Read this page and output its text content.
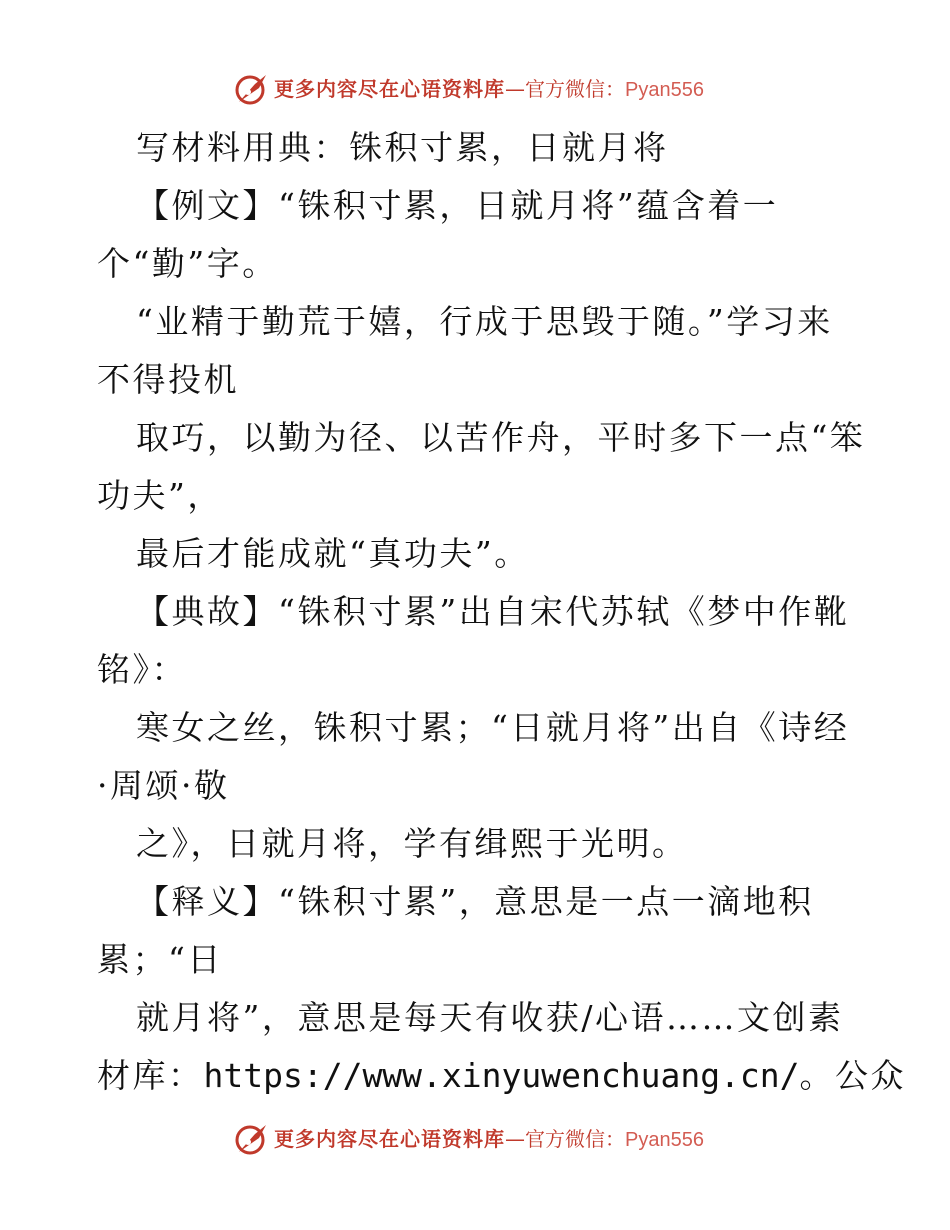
更多内容尽在心语资料库—官方微信：Pyan556
写材料用典：铢积寸累，日就月将
【例文】“铢积寸累，日就月将”蕴含着一
个“勤”字。
“业精于勤荒于嬉，行成于思毁于随。”学习来
不得投机
取巧，以勤为径、以苦作舟，平时多下一点“笨
功夫”，
最后才能成就“真功夫”。
【典故】“铢积寸累”出自宋代苏轼《梦中作靴
铭》：
寒女之丝，铢积寸累；“日就月将”出自《诗经
·周颂·敬
之》，日就月将，学有缉熙于光明。
【释义】“铢积寸累”，意思是一点一滴地积
累；“日
就月将”，意思是每天有收获/心语……文创素
材库：https://www.xinyuwenchuang.cn/。公众
更多内容尽在心语资料库—官方微信：Pyan556
